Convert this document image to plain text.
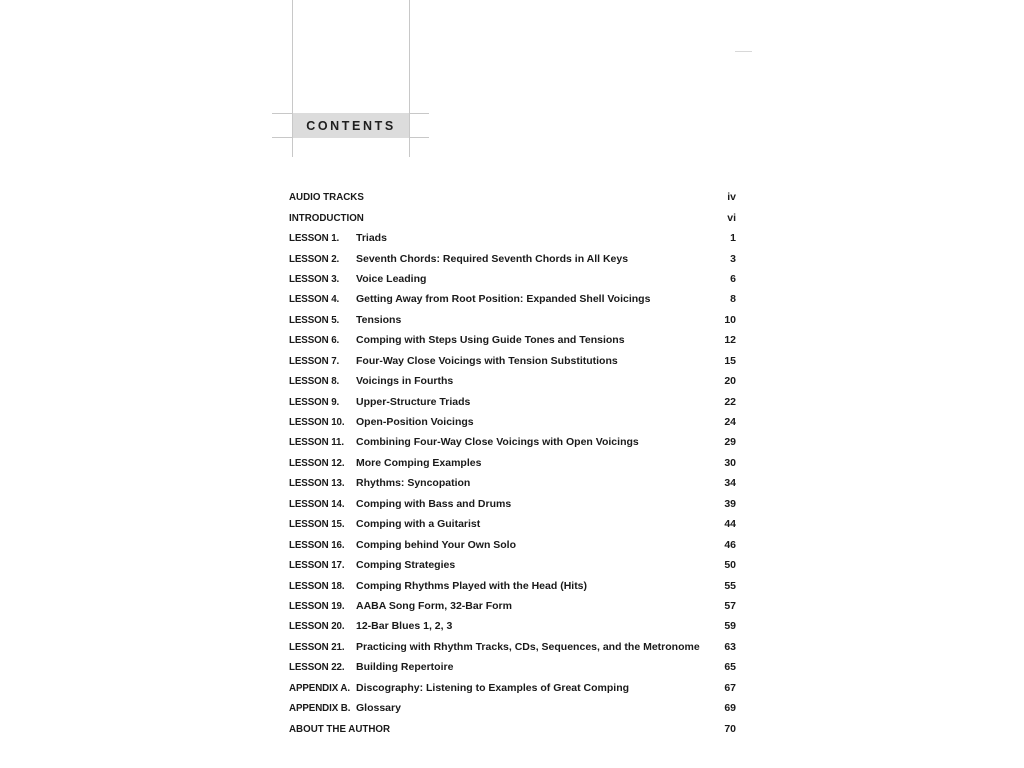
CONTENTS
AUDIO TRACKS	iv
INTRODUCTION	vi
LESSON 1.	Triads	1
LESSON 2.	Seventh Chords: Required Seventh Chords in All Keys	3
LESSON 3.	Voice Leading	6
LESSON 4.	Getting Away from Root Position: Expanded Shell Voicings	8
LESSON 5.	Tensions	10
LESSON 6.	Comping with Steps Using Guide Tones and Tensions	12
LESSON 7.	Four-Way Close Voicings with Tension Substitutions	15
LESSON 8.	Voicings in Fourths	20
LESSON 9.	Upper-Structure Triads	22
LESSON 10.	Open-Position Voicings	24
LESSON 11.	Combining Four-Way Close Voicings with Open Voicings	29
LESSON 12.	More Comping Examples	30
LESSON 13.	Rhythms: Syncopation	34
LESSON 14.	Comping with Bass and Drums	39
LESSON 15.	Comping with a Guitarist	44
LESSON 16.	Comping behind Your Own Solo	46
LESSON 17.	Comping Strategies	50
LESSON 18.	Comping Rhythms Played with the Head (Hits)	55
LESSON 19.	AABA Song Form, 32-Bar Form	57
LESSON 20.	12-Bar Blues 1, 2, 3	59
LESSON 21.	Practicing with Rhythm Tracks, CDs, Sequences, and the Metronome	63
LESSON 22.	Building Repertoire	65
APPENDIX A. Discography: Listening to Examples of Great Comping	67
APPENDIX B. Glossary	69
ABOUT THE AUTHOR	70
